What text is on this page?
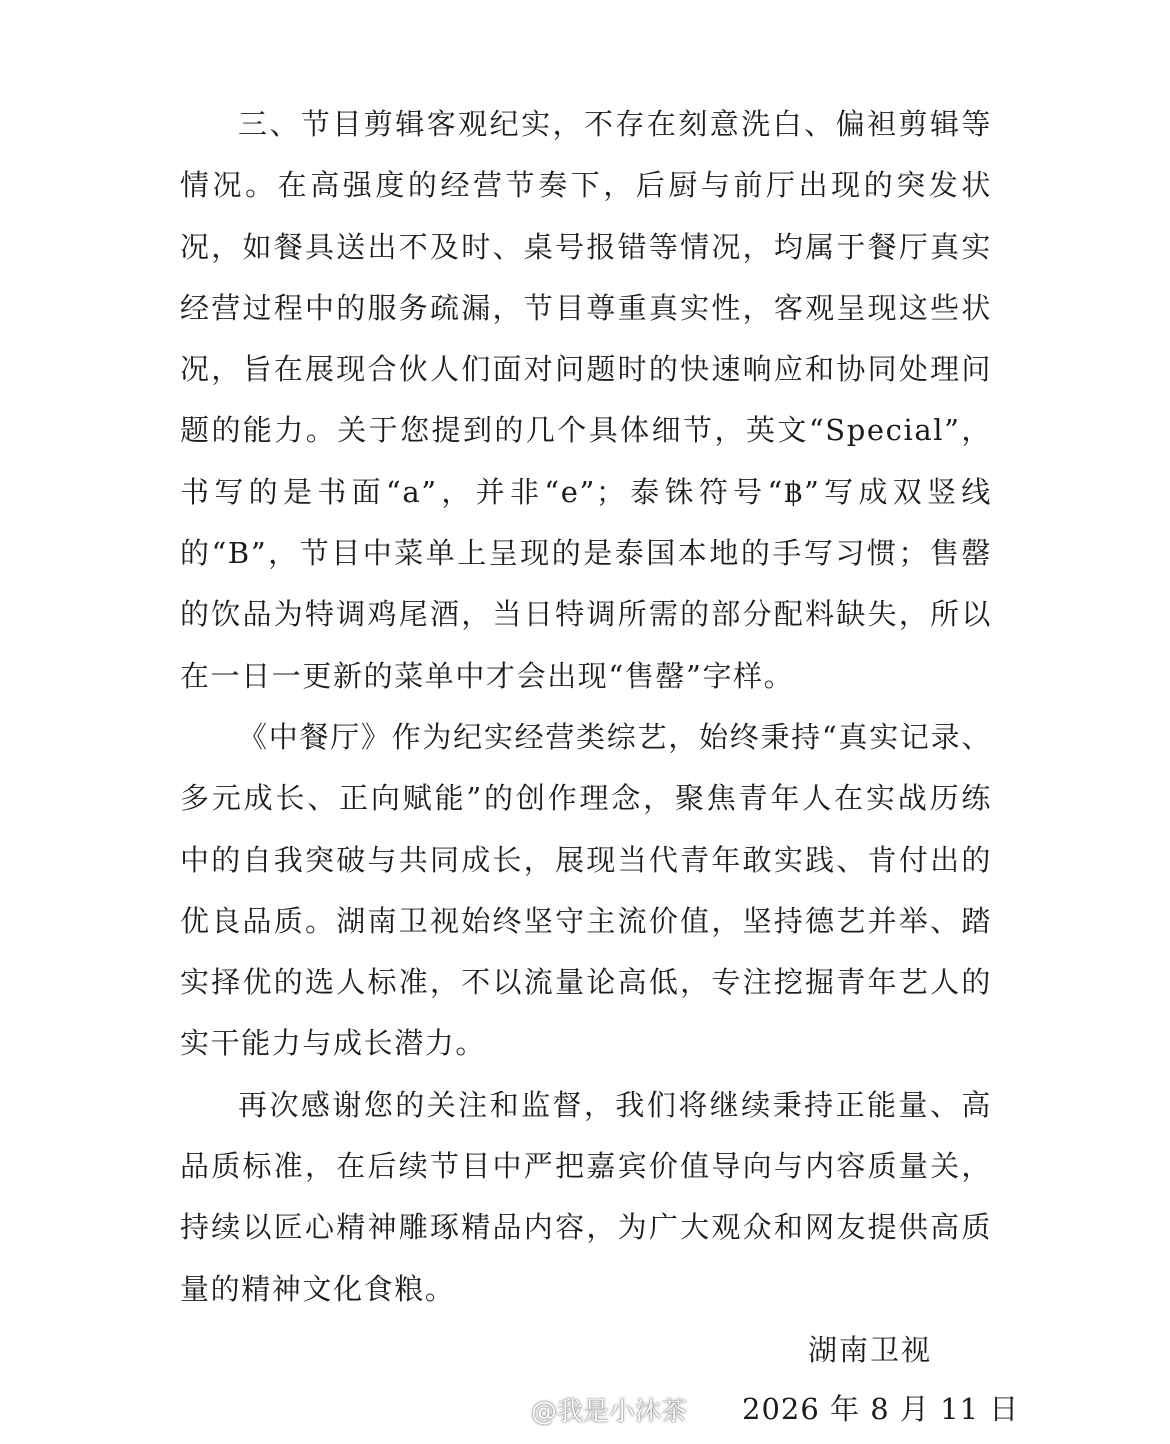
三、节目剪辑客观纪实，不存在刻意洗白、偏袒剪辑等情况。在高强度的经营节奏下，后厨与前厅出现的突发状况，如餐具送出不及时、桌号报错等情况，均属于餐厅真实经营过程中的服务疏漏，节目尊重真实性，客观呈现这些状况，旨在展现合伙人们面对问题时的快速响应和协同处理问题的能力。关于您提到的几个具体细节，英文“Special”，书写的是书面“a”，并非“e”；泰铢符号“฿”写成双竖线的“B”，节目中菜单上呈现的是泰国本地的手写习惯；售罄的饮品为特调鸡尾酒，当日特调所需的部分配料缺失，所以在一日一更新的菜单中才会出现“售罄”字样。

《中餐厅》作为纪实经营类综艺，始终秉持“真实记录、多元成长、正向赋能”的创作理念，聚焦青年人在实战历练中的自我突破与共同成长，展现当代青年敢实践、肯付出的优良品质。湖南卫视始终坚守主流价值，坚持德艺并举、踏实择优的选人标准，不以流量论高低，专注挖掘青年艺人的实干能力与成长潜力。

再次感谢您的关注和监督，我们将继续秉持正能量、高品质标准，在后续节目中严把嘉宾价值导向与内容质量关，持续以匠心精神雕琢精品内容，为广大观众和网友提供高质量的精神文化食粮。

湖南卫视
2026 年 8 月 11 日
@我是小沐茶
